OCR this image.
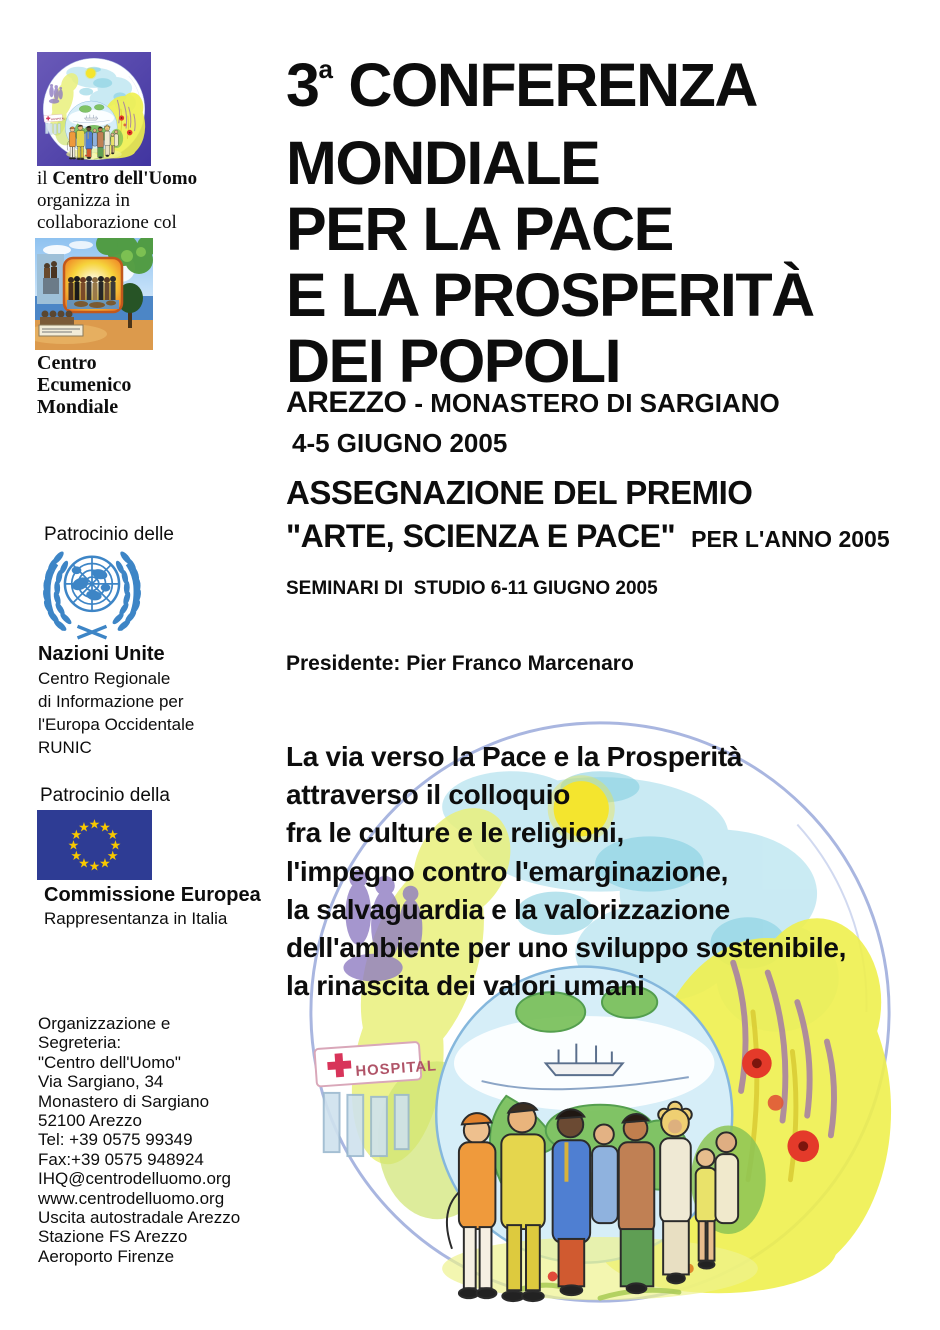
il Centro dell'Uomo
organizza in
collaborazione col
Centro
Ecumenico
Mondiale
Patrocinio delle
Nazioni Unite
Centro Regionale
di Informazione per
l'Europa Occidentale
RUNIC
Patrocinio della
★
★
★
★
★
★
★
★
★
★
★
★
Commissione Europea
Rappresentanza in Italia
Organizzazione e
Segreteria:
"Centro dell'Uomo"
Via Sargiano, 34
Monastero di Sargiano
52100 Arezzo
Tel: +39 0575 99349
Fax:+39 0575 948924
IHQ@centrodelluomo.org
www.centrodelluomo.org
Uscita autostradale Arezzo
Stazione FS Arezzo
Aeroporto Firenze
3$^a$ CONFERENZA
MONDIALE
PER LA PACE
E LA PROSPERITÀ
DEI POPOLI
AREZZO - MONASTERO DI SARGIANO
4-5 GIUGNO 2005
ASSEGNAZIONE DEL PREMIO
"ARTE, SCIENZA E PACE" PER L'ANNO 2005
SEMINARI DI  STUDIO 6-11 GIUGNO 2005
Presidente: Pier Franco Marcenaro
La via verso la Pace e la Prosperità
attraverso il colloquio
fra le culture e le religioni,
l'impegno contro l'emarginazione,
la salvaguardia e la valorizzazione
dell'ambiente per uno sviluppo sostenibile,
la rinascita dei valori umani
